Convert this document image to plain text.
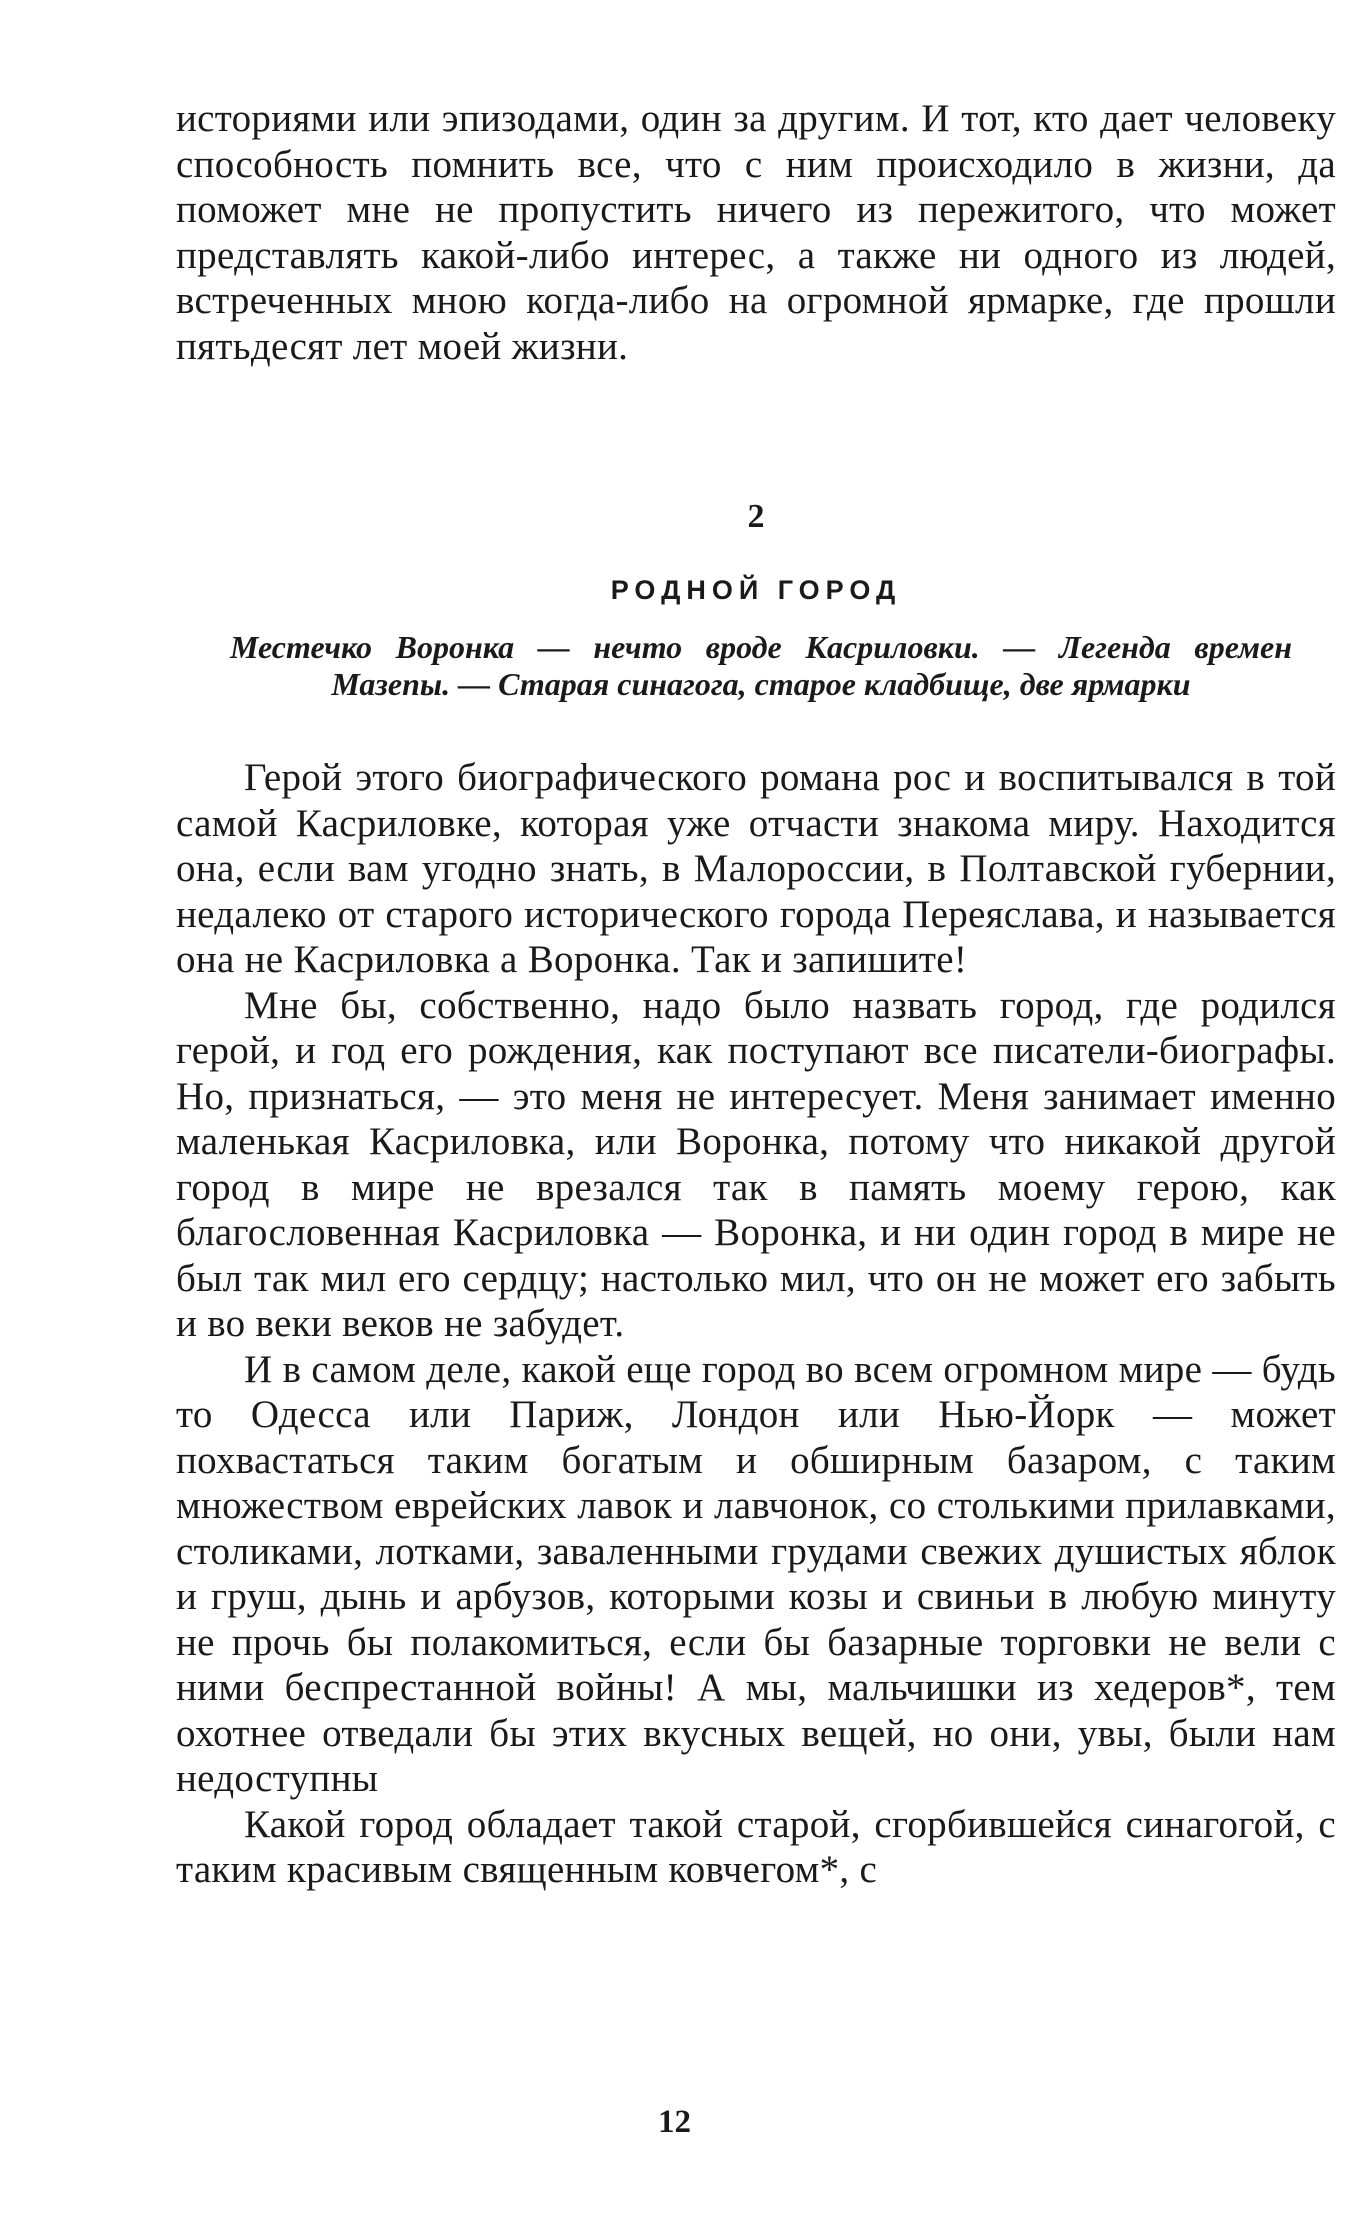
историями или эпизодами, один за другим. И тот, кто дает человеку способность помнить все, что с ним происходило в жизни, да поможет мне не пропустить ничего из пережитого, что может представлять какой-либо интерес, а также ни одного из людей, встреченных мною когда-либо на огромной ярмарке, где прошли пятьдесят лет моей жизни.

2
РОДНОЙ ГОРОД
Местечко Воронка — нечто вроде Касриловки. — Легенда времен Мазепы. — Старая синагога, старое кладбище, две ярмарки

Герой этого биографического романа рос и воспитывался в той самой Касриловке, которая уже отчасти знакома миру. Находится она, если вам угодно знать, в Малороссии, в Полтавской губернии, недалеко от старого исторического города Переяслава, и называется она не Касриловка а Воронка. Так и запишите!

Мне бы, собственно, надо было назвать город, где родился герой, и год его рождения, как поступают все писатели-биографы. Но, признаться, — это меня не интересует. Меня занимает именно маленькая Касриловка, или Воронка, потому что никакой другой город в мире не врезался так в память моему герою, как благословенная Касриловка — Воронка, и ни один город в мире не был так мил его сердцу; настолько мил, что он не может его забыть и во веки веков не забудет.

И в самом деле, какой еще город во всем огромном мире — будь то Одесса или Париж, Лондон или Нью-Йорк — может похвастаться таким богатым и обширным базаром, с таким множеством еврейских лавок и лавчонок, со столькими прилавками, столиками, лотками, заваленными грудами свежих душистых яблок и груш, дынь и арбузов, которыми козы и свиньи в любую минуту не прочь бы полакомиться, если бы базарные торговки не вели с ними беспрестанной войны! А мы, мальчишки из хедеров*, тем охотнее отведали бы этих вкусных вещей, но они, увы, были нам недоступны

Какой город обладает такой старой, сгорбившейся синагогой, с таким красивым священным ковчегом*, с

12
